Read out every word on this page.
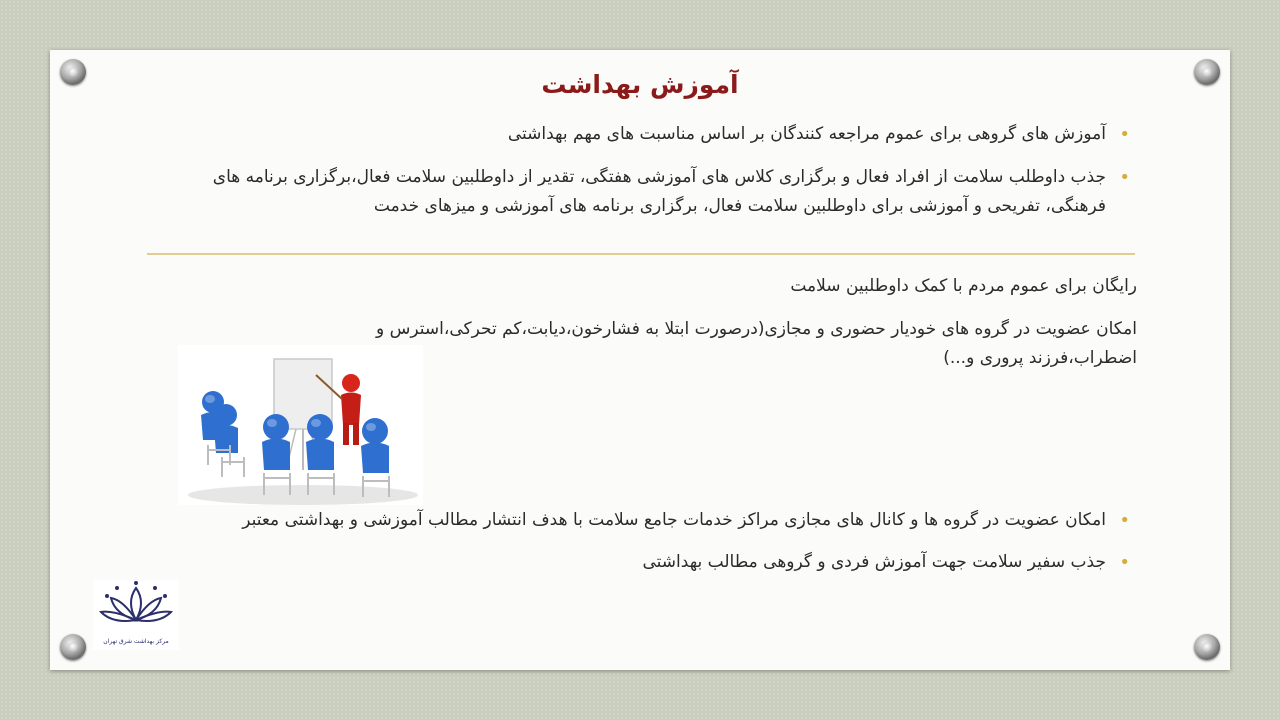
آموزش بهداشت
• آموزش های گروهی برای عموم مراجعه کنندگان بر اساس مناسبت های مهم بهداشتی
• جذب داوطلب سلامت از افراد فعال و برگزاری کلاس های آموزشی هفتگی، تقدیر از داوطلبین سلامت فعال،برگزاری برنامه های فرهنگی، تفریحی و آموزشی برای داوطلبین سلامت فعال، برگزاری برنامه های آموزشی و میزهای خدمت
رایگان برای عموم مردم با کمک داوطلبین سلامت
امکان عضویت در گروه های خودیار حضوری و مجازی(درصورت ابتلا به فشارخون،دیابت،کم تحرکی،استرس و اضطراب،فرزند پروری و...)
• امکان عضویت در گروه ها و کانال های مجازی مراکز خدمات جامع سلامت با هدف انتشار مطالب آموزشی و بهداشتی معتبر
• جذب سفیر سلامت جهت آموزش فردی و گروهی مطالب بهداشتی
مرکز بهداشت شرق تهران
